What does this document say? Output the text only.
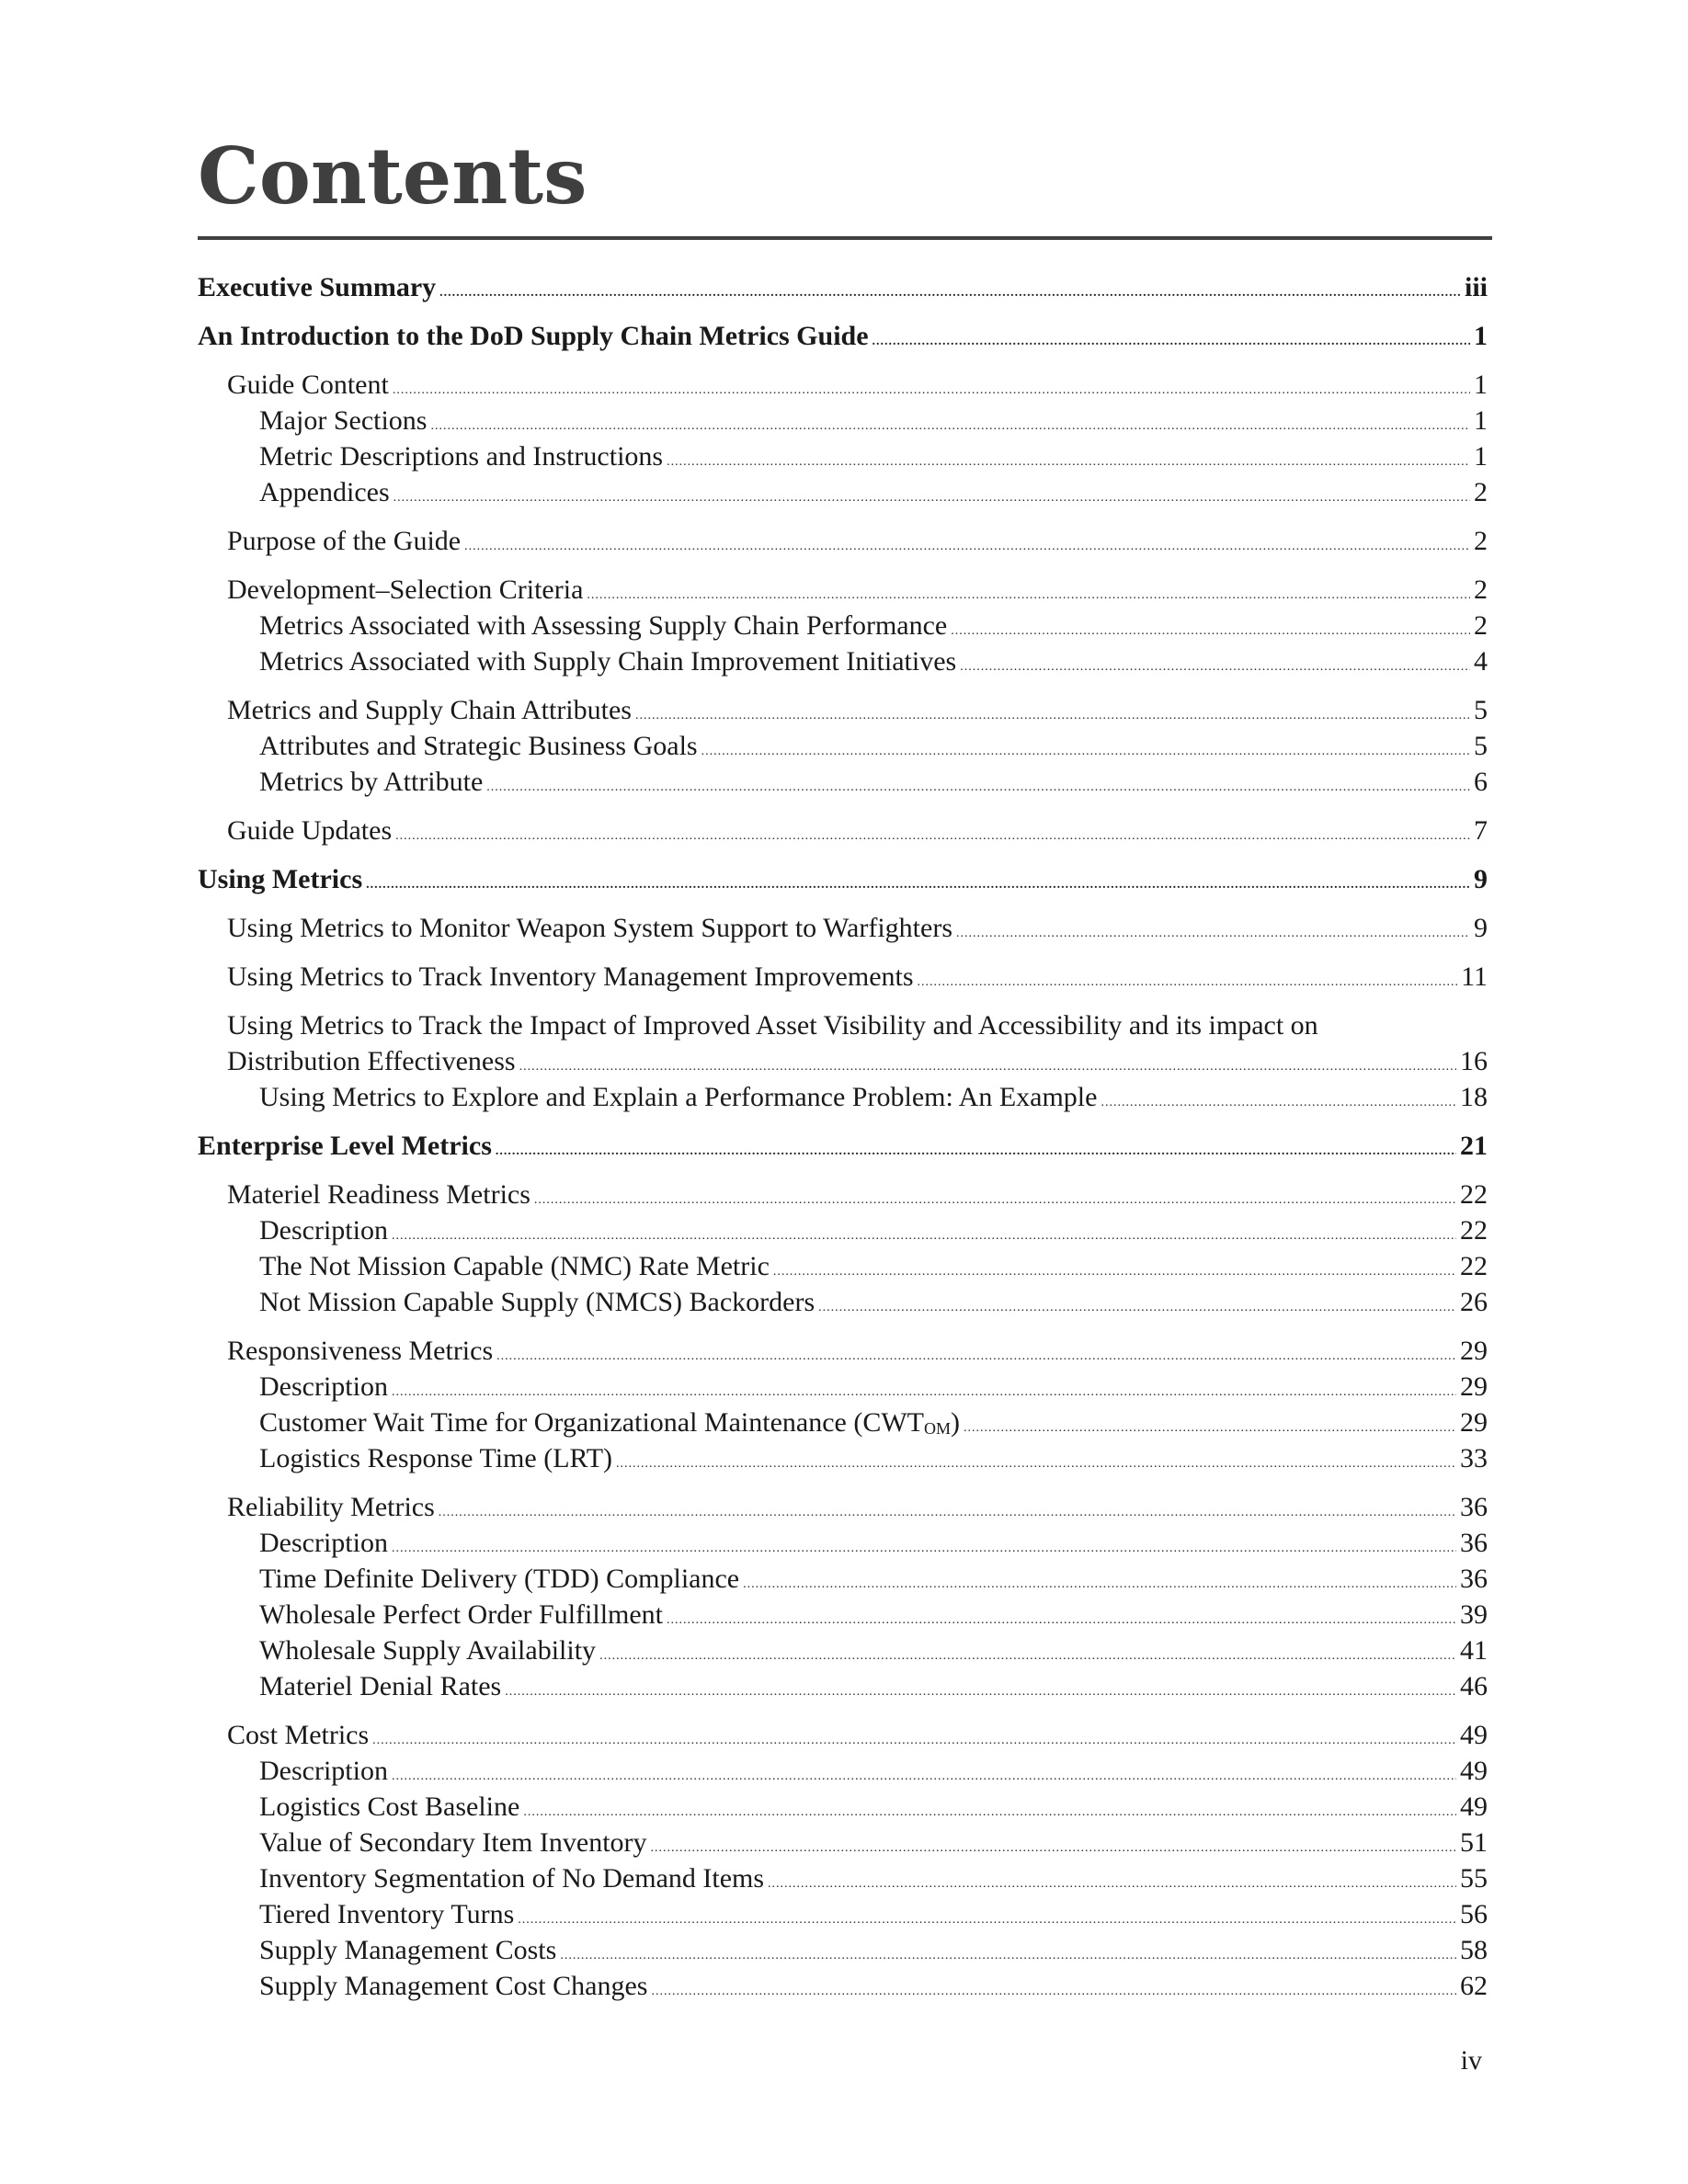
Contents
Executive Summary .....	iii
An Introduction to the DoD Supply Chain Metrics Guide .....	1
Guide Content .....	1
Major Sections .....	1
Metric Descriptions and Instructions .....	1
Appendices .....	2
Purpose of the Guide .....	2
Development–Selection Criteria .....	2
Metrics Associated with Assessing Supply Chain Performance .....	2
Metrics Associated with Supply Chain Improvement Initiatives .....	4
Metrics and Supply Chain Attributes .....	5
Attributes and Strategic Business Goals .....	5
Metrics by Attribute .....	6
Guide Updates .....	7
Using Metrics .....	9
Using Metrics to Monitor Weapon System Support to Warfighters .....	9
Using Metrics to Track Inventory Management Improvements .....	11
Using Metrics to Track the Impact of Improved Asset Visibility and Accessibility and its impact on
Distribution Effectiveness .....	16
Using Metrics to Explore and Explain a Performance Problem: An Example .....	18
Enterprise Level Metrics .....	21
Materiel Readiness Metrics .....	22
Description .....	22
The Not Mission Capable (NMC) Rate Metric .....	22
Not Mission Capable Supply (NMCS) Backorders .....	26
Responsiveness Metrics .....	29
Description .....	29
Customer Wait Time for Organizational Maintenance $(CWT_{OM})$ .....	29
Logistics Response Time (LRT) .....	33
Reliability Metrics .....	36
Description .....	36
Time Definite Delivery (TDD) Compliance .....	36
Wholesale Perfect Order Fulfillment .....	39
Wholesale Supply Availability .....	41
Materiel Denial Rates .....	46
Cost Metrics .....	49
Description .....	49
Logistics Cost Baseline .....	49
Value of Secondary Item Inventory .....	51
Inventory Segmentation of No Demand Items .....	55
Tiered Inventory Turns .....	56
Supply Management Costs .....	58
Supply Management Cost Changes .....	62
iv
